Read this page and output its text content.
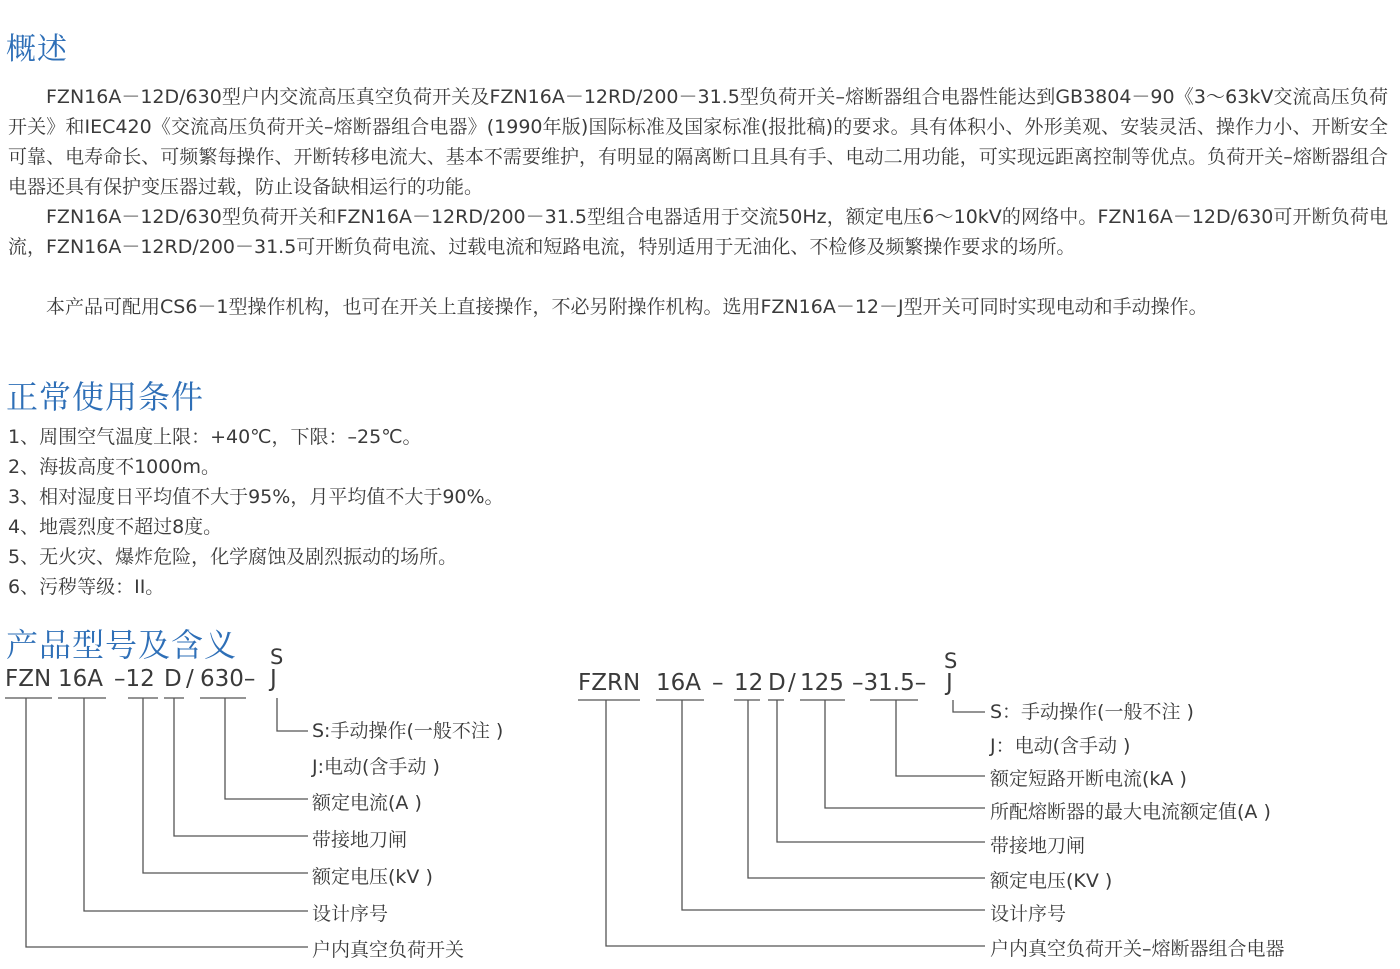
概述

FZN16A－12D/630型户内交流高压真空负荷开关及FZN16A－12RD/200－31.5型负荷开关–熔断器组合电器性能达到GB3804－90《3～63kV交流高压负荷开关》和IEC420《交流高压负荷开关–熔断器组合电器》(1990年版)国际标准及国家标准(报批稿)的要求。具有体积小、外形美观、安装灵活、操作力小、开断安全可靠、电寿命长、可频繁每操作、开断转移电流大、基本不需要维护，有明显的隔离断口且具有手、电动二用功能，可实现远距离控制等优点。负荷开关–熔断器组合电器还具有保护变压器过载，防止设备缺相运行的功能。

FZN16A－12D/630型负荷开关和FZN16A－12RD/200－31.5型组合电器适用于交流50Hz，额定电压6～10kV的网络中。FZN16A－12D/630可开断负荷电流，FZN16A－12RD/200－31.5可开断负荷电流、过载电流和短路电流，特别适用于无油化、不检修及频繁操作要求的场所。

本产品可配用CS6－1型操作机构，也可在开关上直接操作，不必另附操作机构。选用FZN16A－12－J型开关可同时实现电动和手动操作。

正常使用条件

1、周围空气温度上限：+40℃，下限：–25℃。

2、海拔高度不1000m。

3、相对湿度日平均值不大于95%，月平均值不大于90%。

4、地震烈度不超过8度。

5、无火灾、爆炸危险，化学腐蚀及剧烈振动的场所。

6、污秽等级：II。

产品型号及含义
FZN 16A –12 D / 630– J
S
S:手动操作(一般不注 )
J:电动(含手动 )
额定电流(A )
带接地刀闸
额定电压(kV )
设计序号
户内真空负荷开关
FZRN 16A – 12 D / 125 –31.5– J
S
S：手动操作(一般不注 )
J：电动(含手动 )
额定短路开断电流(kA )
所配熔断器的最大电流额定值(A )
带接地刀闸
额定电压(KV )
设计序号
户内真空负荷开关–熔断器组合电器
